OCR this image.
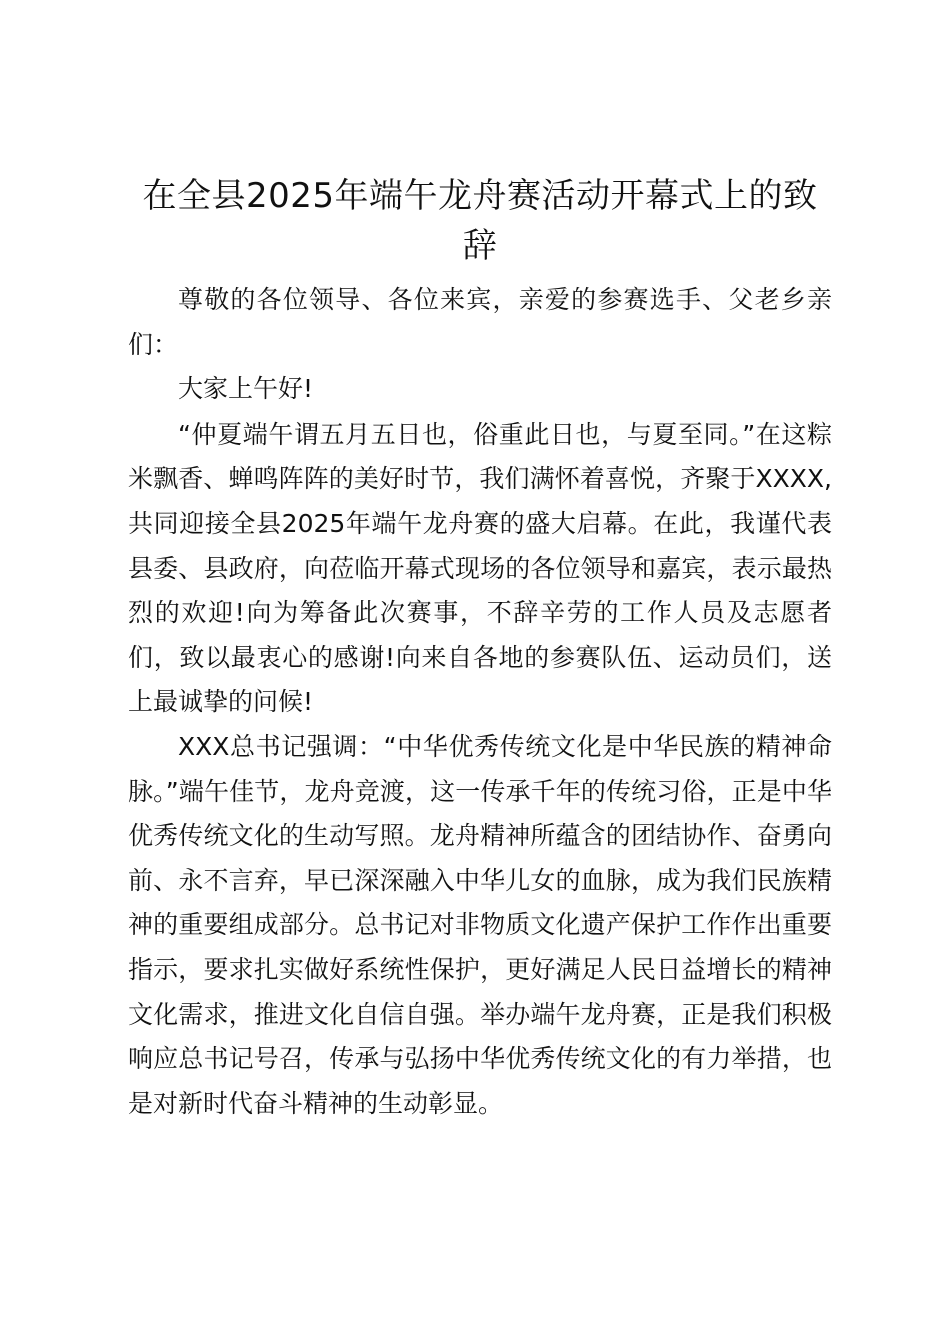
在全县2025年端午龙舟赛活动开幕式上的致辞

尊敬的各位领导、各位来宾，亲爱的参赛选手、父老乡亲们：

大家上午好!

“仲夏端午谓五月五日也，俗重此日也，与夏至同。”在这粽米飘香、蝉鸣阵阵的美好时节，我们满怀着喜悦，齐聚于XXXX,共同迎接全县2025年端午龙舟赛的盛大启幕。在此，我谨代表县委、县政府，向莅临开幕式现场的各位领导和嘉宾，表示最热烈的欢迎!向为筹备此次赛事，不辞辛劳的工作人员及志愿者们，致以最衷心的感谢!向来自各地的参赛队伍、运动员们，送上最诚挚的问候!

XXX总书记强调：“中华优秀传统文化是中华民族的精神命脉。”端午佳节，龙舟竞渡，这一传承千年的传统习俗，正是中华优秀传统文化的生动写照。龙舟精神所蕴含的团结协作、奋勇向前、永不言弃，早已深深融入中华儿女的血脉，成为我们民族精神的重要组成部分。总书记对非物质文化遗产保护工作作出重要指示，要求扎实做好系统性保护，更好满足人民日益增长的精神文化需求，推进文化自信自强。举办端午龙舟赛，正是我们积极响应总书记号召，传承与弘扬中华优秀传统文化的有力举措，也是对新时代奋斗精神的生动彰显。
